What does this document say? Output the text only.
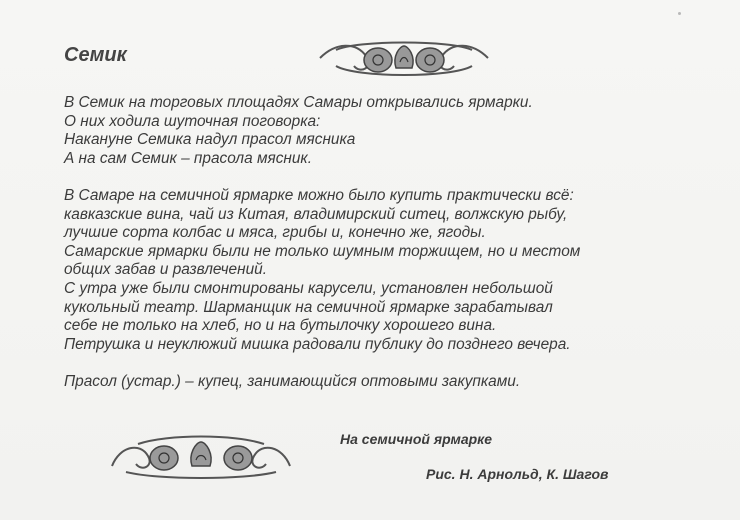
Семик

В Семик на торговых площадях Самары открывались ярмарки.
О них ходила шуточная поговорка:
Накануне Семика надул прасол мясника
А на сам Семик – прасола мясник.

В Самаре на семичной ярмарке можно было купить практически всё:
кавказские вина, чай из Китая, владимирский ситец, волжскую рыбу,
лучшие сорта колбас и мяса, грибы и, конечно же, ягоды.
Самарские ярмарки были не только шумным торжищем, но и местом
общих забав и развлечений.
С утра уже были смонтированы карусели, установлен небольшой
кукольный театр. Шарманщик на семичной ярмарке зарабатывал
себе не только на хлеб, но и на бутылочку хорошего вина.
Петрушка и неуклюжий мишка радовали публику до позднего вечера.

Прасол (устар.) – купец, занимающийся оптовыми закупками.

На семичной ярмарке
Рис. Н. Арнольд, К. Шагов
